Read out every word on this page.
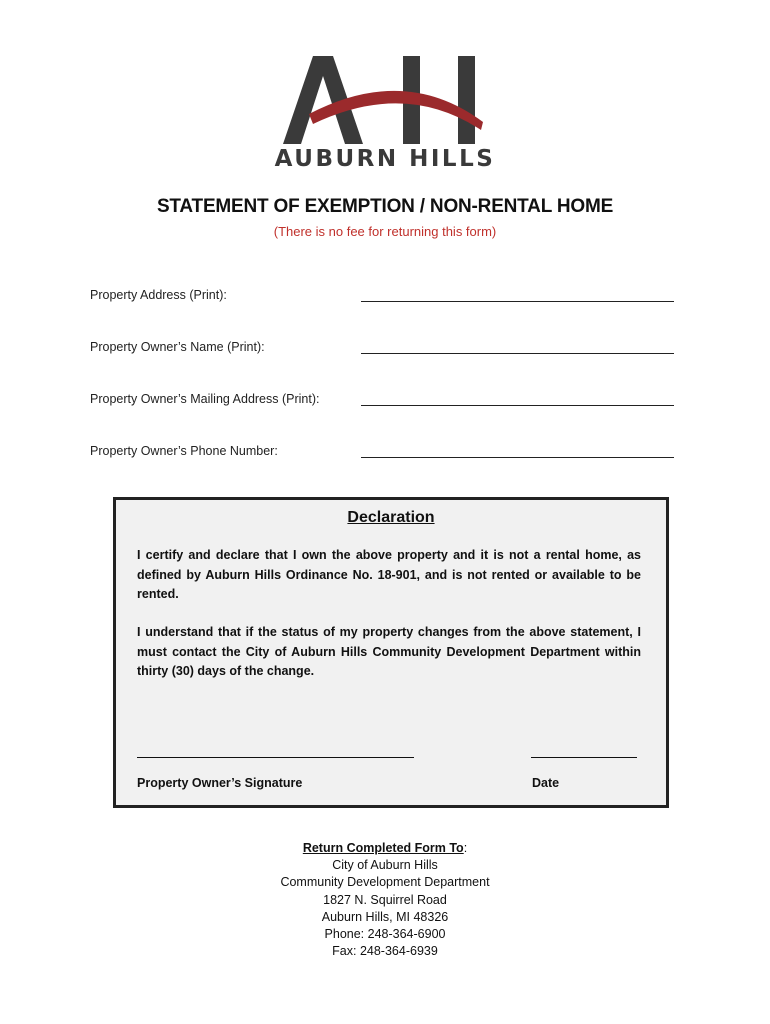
AUBURN HILLS
STATEMENT OF EXEMPTION / NON-RENTAL HOME
(There is no fee for returning this form)
Property Address (Print):
Property Owner’s Name (Print):
Property Owner’s Mailing Address (Print):
Property Owner’s Phone Number:
Declaration

I certify and declare that I own the above property and it is not a rental home, as defined by Auburn Hills Ordinance No. 18-901, and is not rented or available to be rented.

I understand that if the status of my property changes from the above statement, I must contact the City of Auburn Hills Community Development Department within thirty (30) days of the change.

Property Owner’s Signature	Date
Return Completed Form To:
City of Auburn Hills
Community Development Department
1827 N. Squirrel Road
Auburn Hills, MI 48326
Phone: 248-364-6900
Fax: 248-364-6939
